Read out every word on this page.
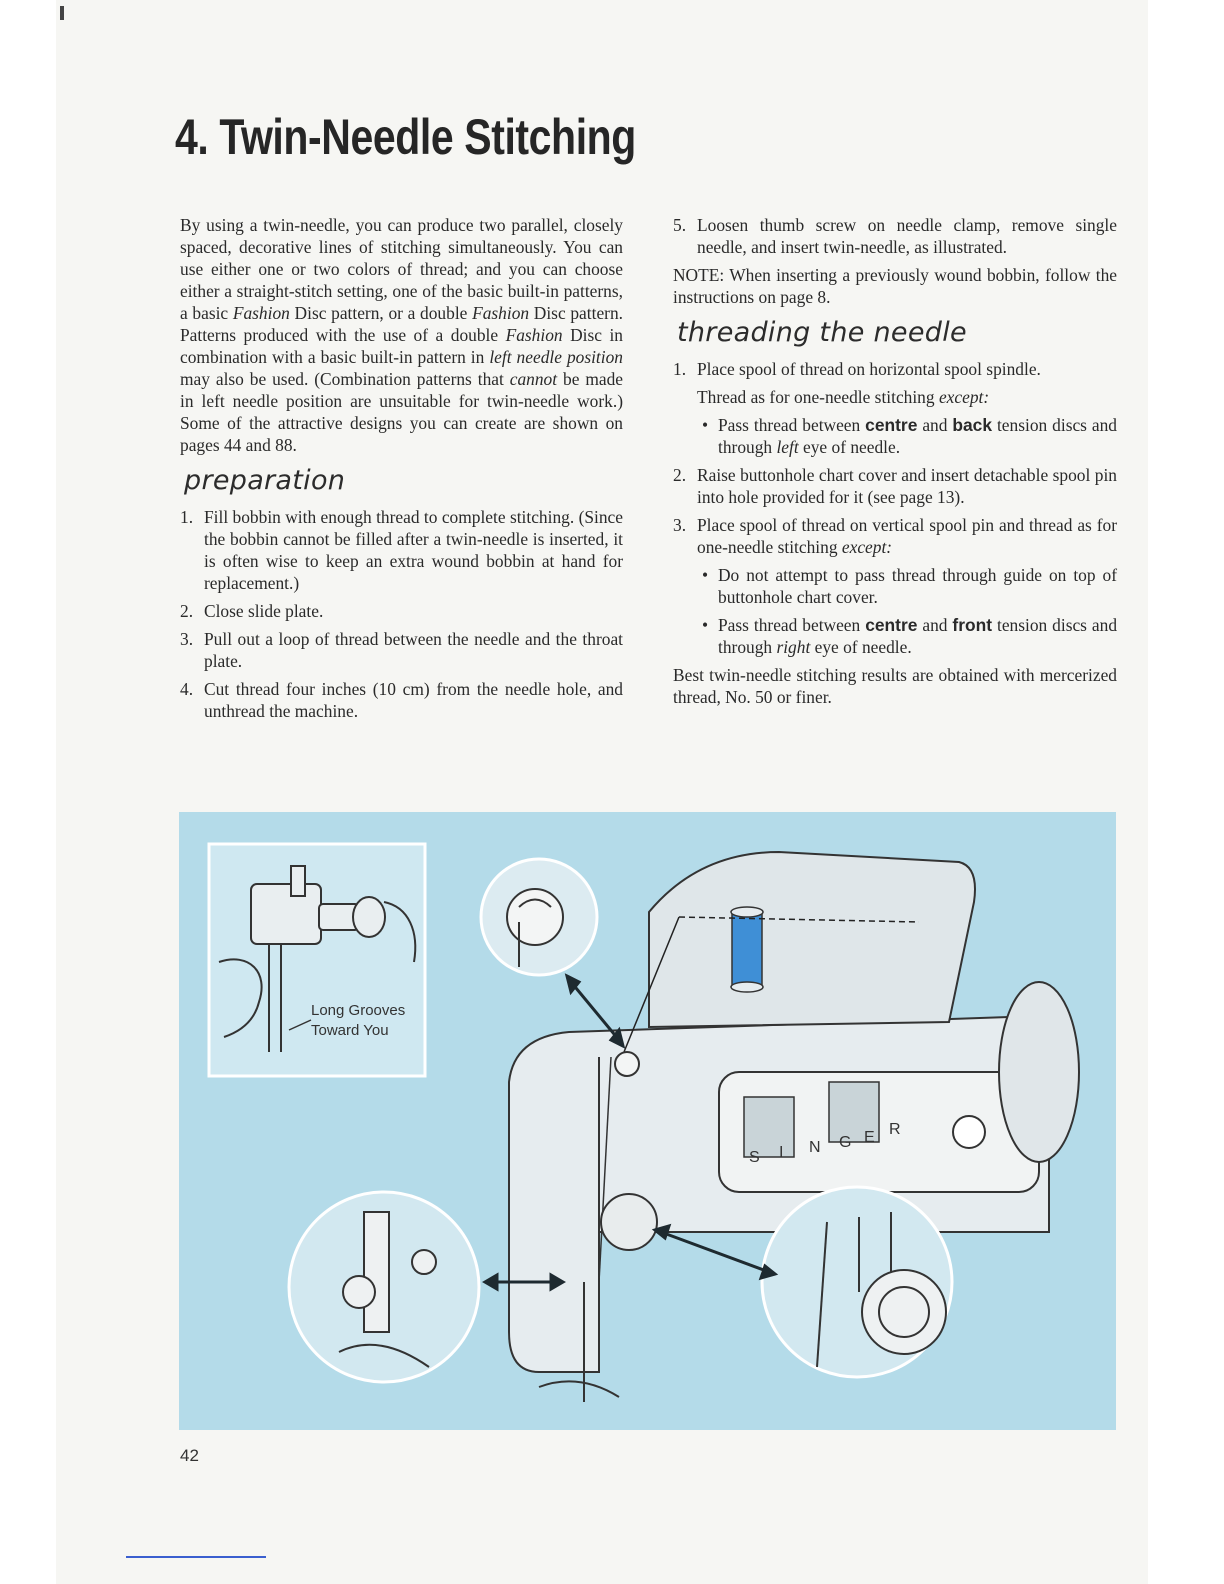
4. Twin-Needle Stitching

By using a twin-needle, you can produce two parallel, closely spaced, decorative lines of stitching simultaneously. You can use either one or two colors of thread; and you can choose either a straight-stitch setting, one of the basic built-in patterns, a basic Fashion Disc pattern, or a double Fashion Disc pattern. Patterns produced with the use of a double Fashion Disc in combination with a basic built-in pattern in left needle position may also be used. (Combination patterns that cannot be made in left needle position are unsuitable for twin-needle work.) Some of the attractive designs you can create are shown on pages 44 and 88.

preparation
1. Fill bobbin with enough thread to complete stitching. (Since the bobbin cannot be filled after a twin-needle is inserted, it is often wise to keep an extra wound bobbin at hand for replacement.)
2. Close slide plate.
3. Pull out a loop of thread between the needle and the throat plate.
4. Cut thread four inches (10 cm) from the needle hole, and unthread the machine.
5. Loosen thumb screw on needle clamp, remove single needle, and insert twin-needle, as illustrated.

NOTE: When inserting a previously wound bobbin, follow the instructions on page 8.

threading the needle
1. Place spool of thread on horizontal spool spindle.
Thread as for one-needle stitching except:
• Pass thread between centre and back tension discs and through left eye of needle.
2. Raise buttonhole chart cover and insert detachable spool pin into hole provided for it (see page 13).
3. Place spool of thread on vertical spool pin and thread as for one-needle stitching except:
• Do not attempt to pass thread through guide on top of buttonhole chart cover.
• Pass thread between centre and front tension discs and through right eye of needle.

Best twin-needle stitching results are obtained with mercerized thread, No. 50 or finer.

S I N G E R
Long Grooves
Toward You
42
